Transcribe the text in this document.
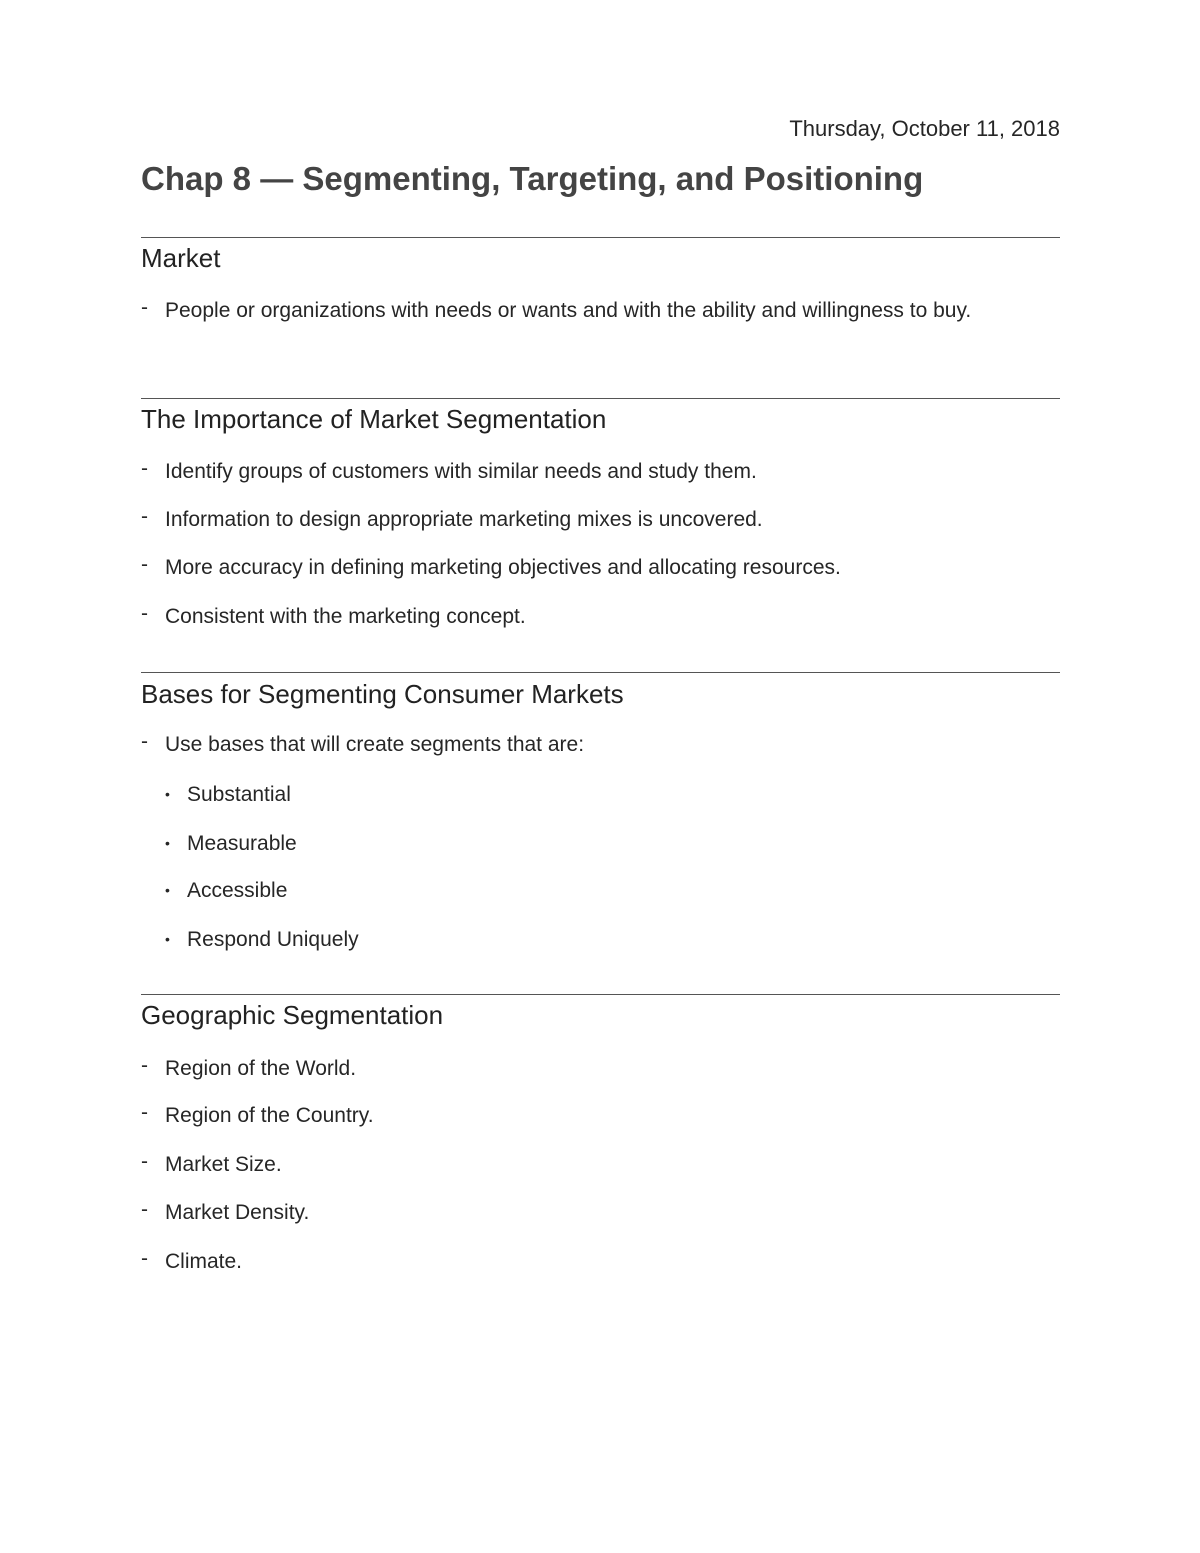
Thursday, October 11, 2018
Chap 8 — Segmenting, Targeting, and Positioning
Market
- People or organizations with needs or wants and with the ability and willingness to buy.
The Importance of Market Segmentation
- Identify groups of customers with similar needs and study them.
- Information to design appropriate marketing mixes is uncovered.
- More accuracy in defining marketing objectives and allocating resources.
- Consistent with the marketing concept.
Bases for Segmenting Consumer Markets
- Use bases that will create segments that are:
• Substantial
• Measurable
• Accessible
• Respond Uniquely
Geographic Segmentation
- Region of the World.
- Region of the Country.
- Market Size.
- Market Density.
- Climate.
